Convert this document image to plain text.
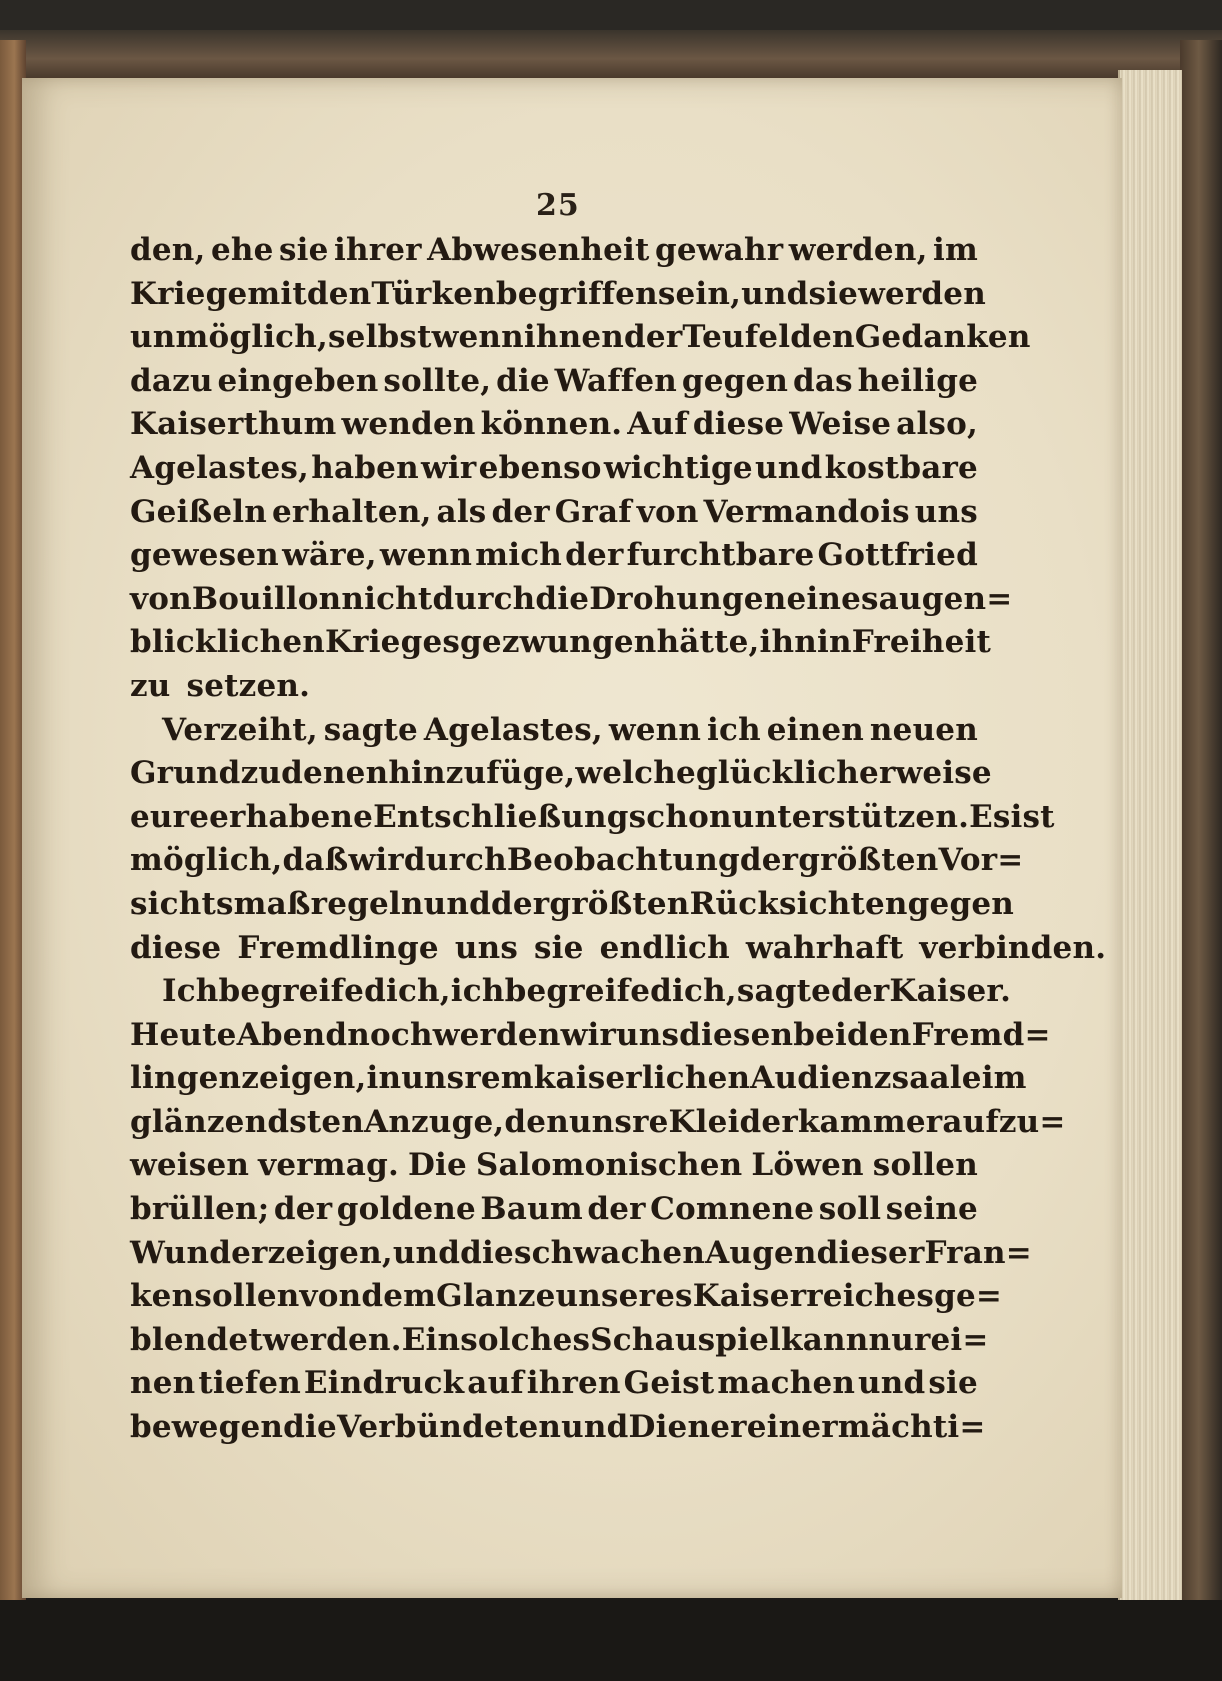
25
den, ehe sie ihrer Abwesenheit gewahr werden, im
Kriege mit den Türken begriffen sein, und sie werden
unmöglich, selbst wenn ihnen der Teufel den Gedanken
dazu eingeben sollte, die Waffen gegen das heilige
Kaiserthum wenden können. Auf diese Weise also,
Agelastes, haben wir ebenso wichtige und kostbare
Geißeln erhalten, als der Graf von Vermandois uns
gewesen wäre, wenn mich der furchtbare Gottfried
von Bouillon nicht durch die Drohungen eines augen=
blicklichen Krieges gezwungen hätte, ihn in Freiheit
zu setzen.
Verzeiht, sagte Agelastes, wenn ich einen neuen
Grund zu denen hinzufüge, welche glücklicherweise
eure erhabene Entschließung schon unterstützen. Es ist
möglich, daß wir durch Beobachtung der größten Vor=
sichtsmaßregeln und der größten Rücksichten gegen
diese Fremdlinge uns sie endlich wahrhaft verbinden.
Ich begreife dich, ich begreife dich, sagte der Kaiser.
Heute Abend noch werden wir uns diesen beiden Fremd=
lingen zeigen, in unsrem kaiserlichen Audienzsaale im
glänzendsten Anzuge, den unsre Kleiderkammer aufzu=
weisen vermag. Die Salomonischen Löwen sollen
brüllen; der goldene Baum der Comnene soll seine
Wunder zeigen, und die schwachen Augen dieser Fran=
ken sollen von dem Glanze unseres Kaiserreiches ge=
blendet werden. Ein solches Schauspiel kann nur ei=
nen tiefen Eindruck auf ihren Geist machen und sie
bewegen die Verbündeten und Diener einer mächti=
